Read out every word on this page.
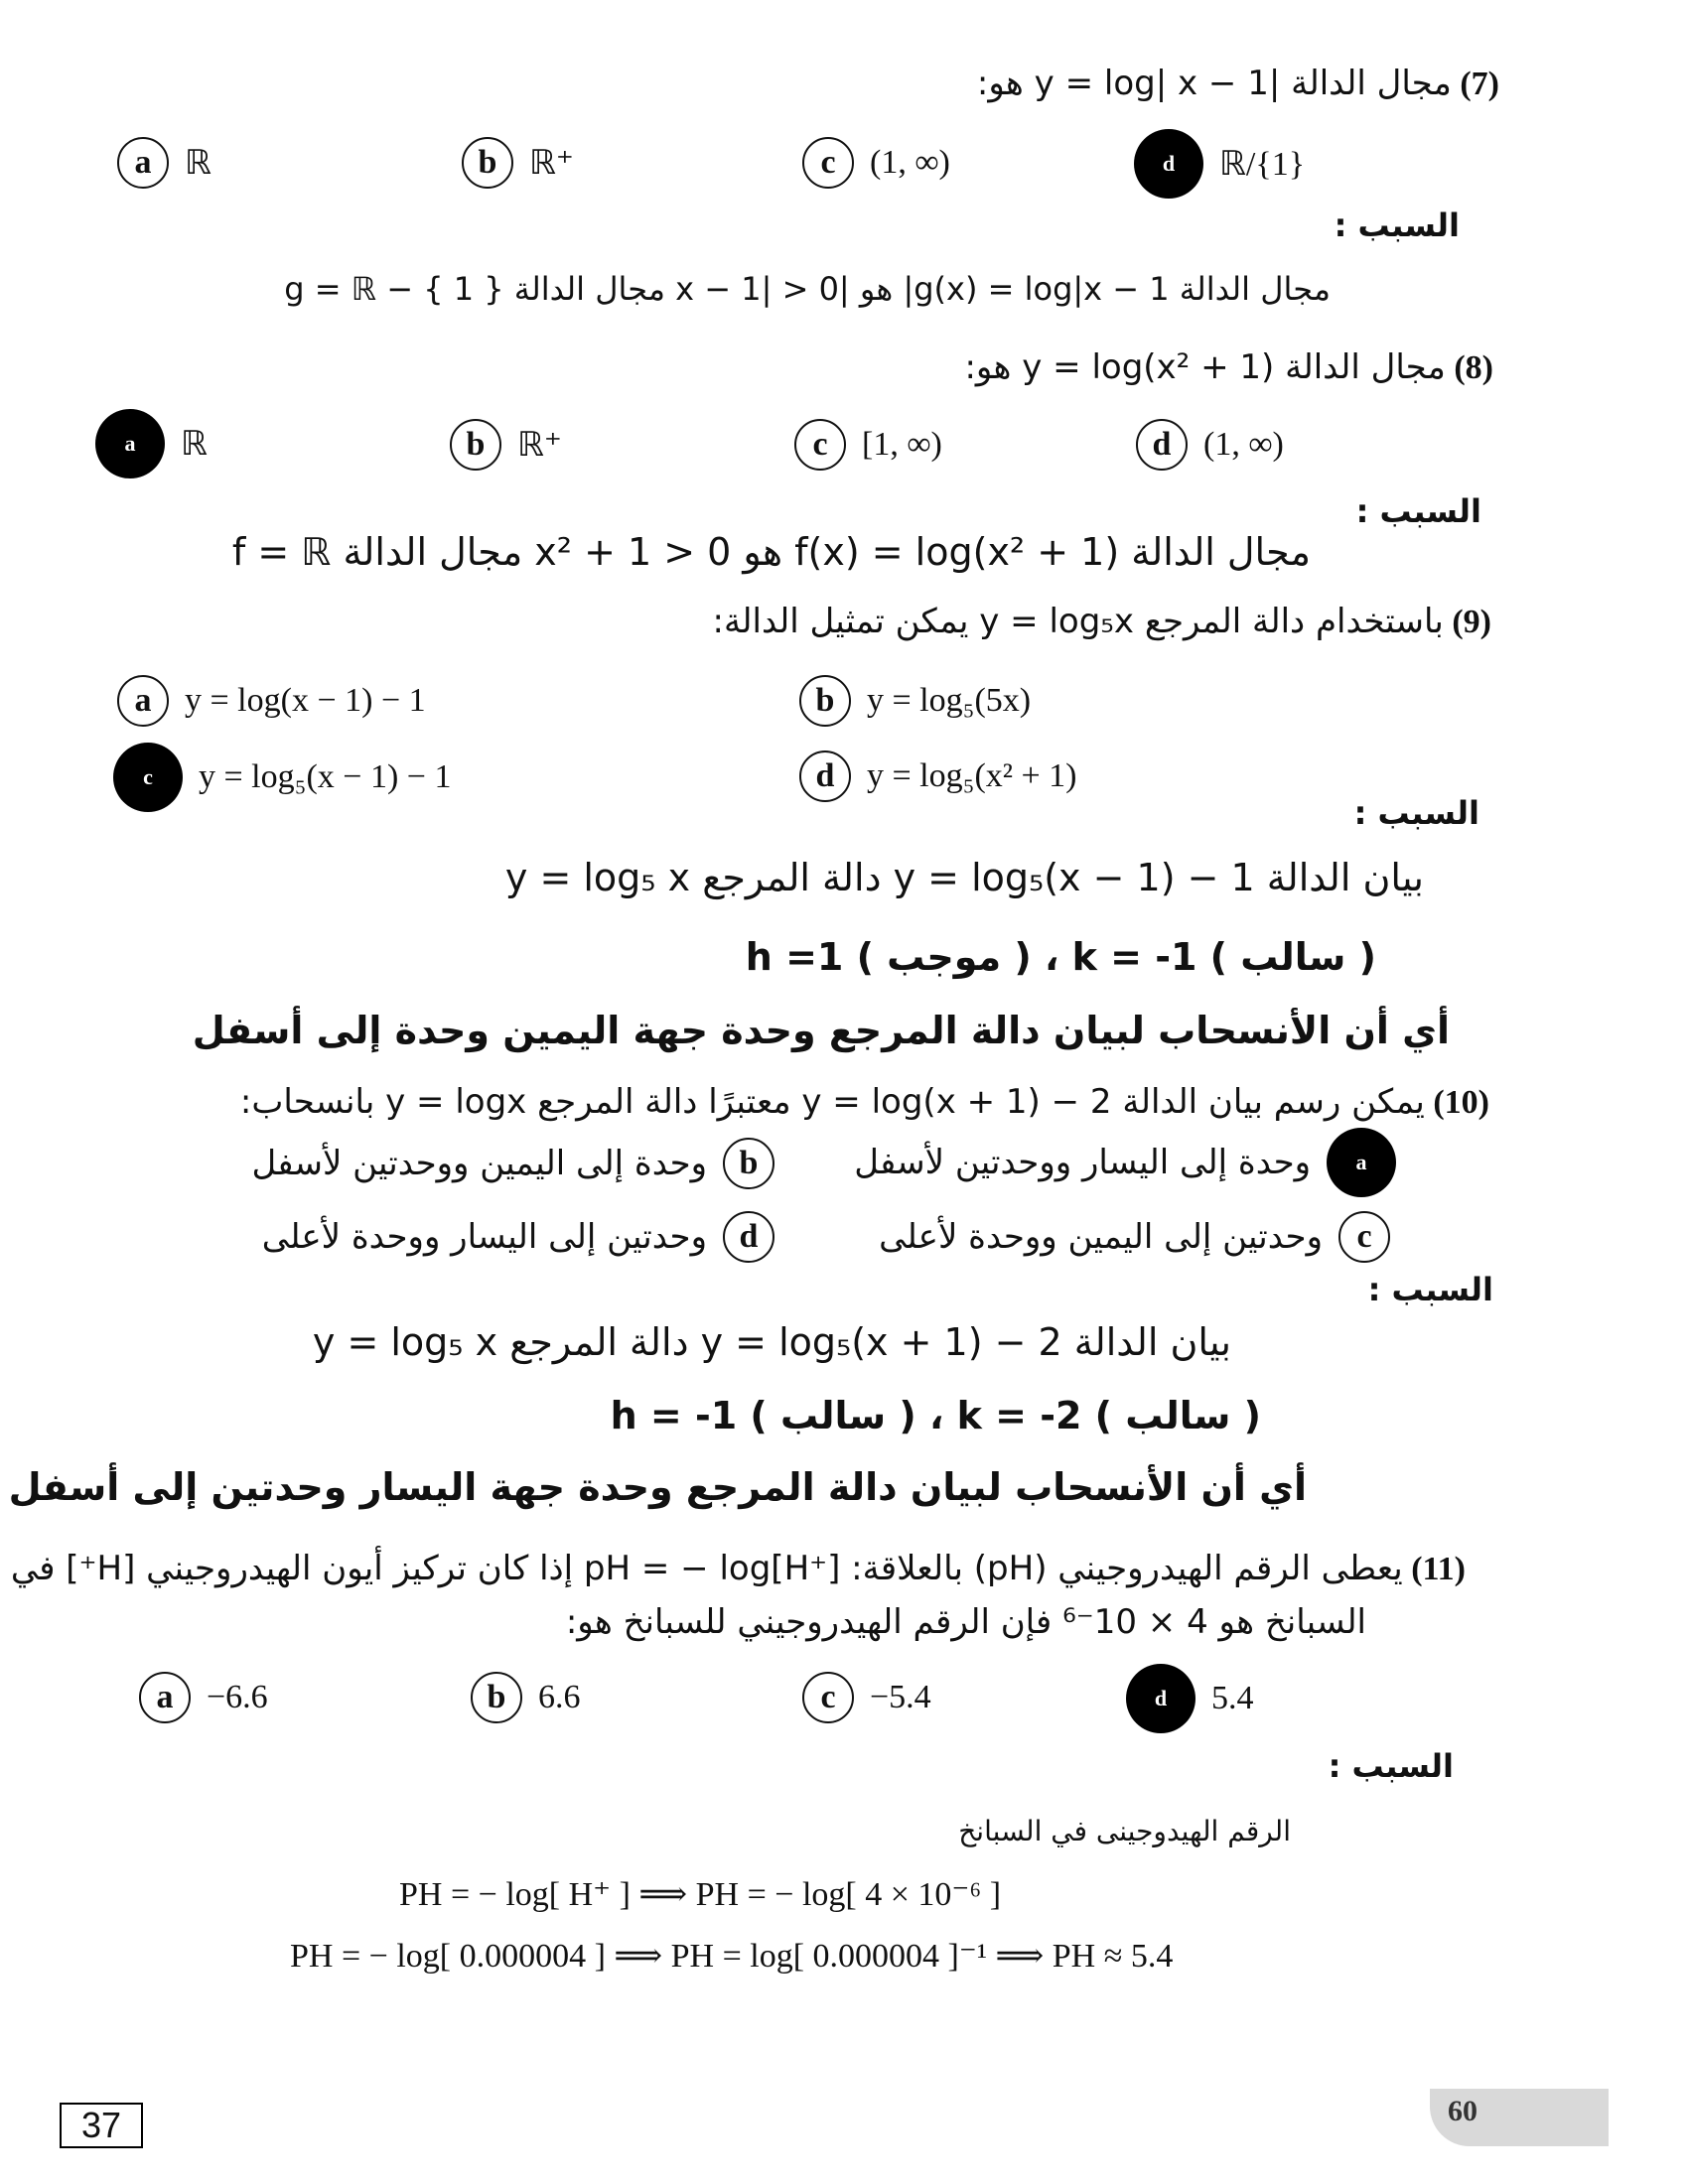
(7) مجال الدالة |y = log| x − 1 هو:
a ℝ	b ℝ⁺	c	(1, ∞)	d	ℝ/{1}
السبب :
مجال الدالة g(x) = log|x − 1| هو |x − 1| > 0 مجال الدالة g = ℝ − { 1 }
(8) مجال الدالة y = log(x² + 1) هو:
a	ℝ	b ℝ⁺	c	[1, ∞)	d (1, ∞)
السبب :
مجال الدالة f(x) = log(x² + 1) هو x² + 1 > 0 مجال الدالة f = ℝ
(9) باستخدام دالة المرجع y = log₅x يمكن تمثيل الدالة:
a y = log(x − 1) − 1	b y = log₅(5x)
c	y = log₅(x − 1) − 1	d y = log₅(x² + 1)
السبب :
بيان الدالة y = log₅(x − 1) − 1 دالة المرجع y = log₅ x
h =1 ( موجب ) ، k = -1 ( سالب )
أي أن الأنسحاب لبيان دالة المرجع وحدة جهة اليمين وحدة إلى أسفل
(10) يمكن رسم بيان الدالة y = log(x + 1) − 2 معتبرًا دالة المرجع y = logx بانسحاب:
a
وحدة إلى اليسار ووحدتين لأسفل
b
وحدة إلى اليمين ووحدتين لأسفل
c
وحدتين إلى اليمين ووحدة لأعلى
d
وحدتين إلى اليسار ووحدة لأعلى
السبب :
بيان الدالة y = log₅(x + 1) − 2 دالة المرجع y = log₅ x
h = -1 ( سالب ) ، k = -2 ( سالب )
أي أن الأنسحاب لبيان دالة المرجع وحدة جهة اليسار وحدتين إلى أسفل
(11) يعطى الرقم الهيدروجيني (pH) بالعلاقة: pH = − log[H⁺] إذا كان تركيز أيون الهيدروجيني [H⁺] في
السبانخ هو 4 × 10⁻⁶ فإن الرقم الهيدروجيني للسبانخ هو:
a −6.6	b 6.6	c	−5.4	d	5.4
السبب :
الرقم الهيدوجينى في السبانخ
PH = − log[ H⁺ ] ⟹ PH = − log[ 4 × 10⁻⁶ ]
PH = − log[ 0.000004 ] ⟹ PH = log[ 0.000004 ]⁻¹ ⟹ PH ≈ 5.4
37	60
